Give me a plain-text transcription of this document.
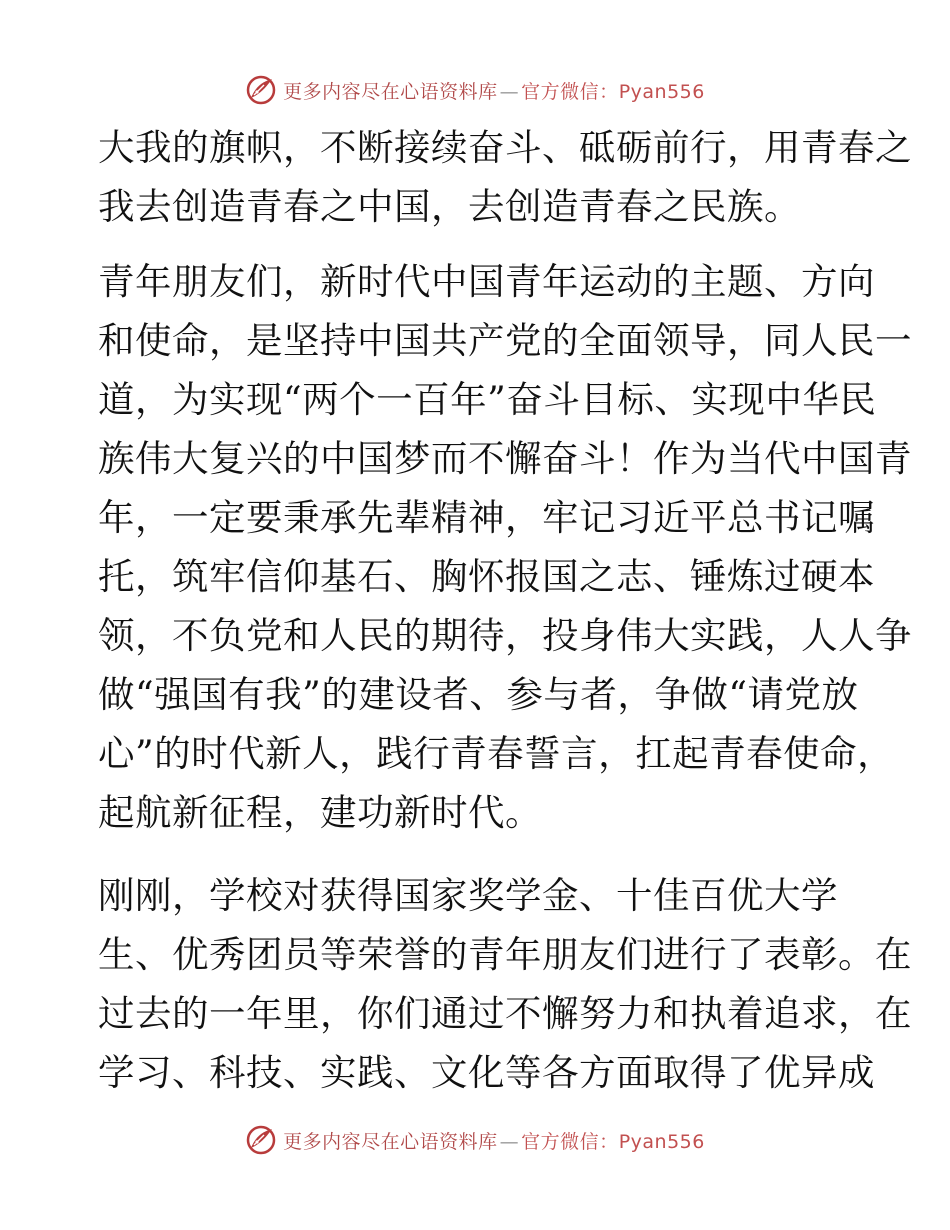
更多内容尽在心语资料库 — 官方微信：Pyan556
大我的旗帜，不断接续奋斗、砥砺前行，用青春之
我去创造青春之中国，去创造青春之民族。
青年朋友们，新时代中国青年运动的主题、方向
和使命，是坚持中国共产党的全面领导，同人民一
道，为实现“两个一百年”奋斗目标、实现中华民
族伟大复兴的中国梦而不懈奋斗！作为当代中国青
年，一定要秉承先辈精神，牢记习近平总书记嘱
托，筑牢信仰基石、胸怀报国之志、锤炼过硬本
领，不负党和人民的期待，投身伟大实践，人人争
做“强国有我”的建设者、参与者，争做“请党放
心”的时代新人，践行青春誓言，扛起青春使命，
起航新征程，建功新时代。
刚刚，学校对获得国家奖学金、十佳百优大学
生、优秀团员等荣誉的青年朋友们进行了表彰。在
过去的一年里，你们通过不懈努力和执着追求，在
学习、科技、实践、文化等各方面取得了优异成
更多内容尽在心语资料库 — 官方微信：Pyan556
